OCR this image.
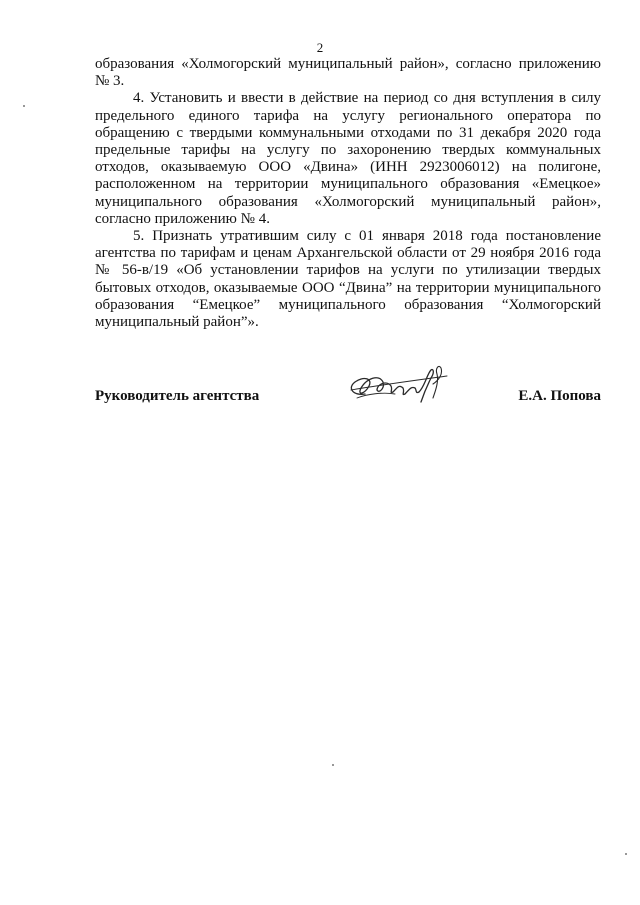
2

образования «Холмогорский муниципальный район», согласно приложению № 3.

4. Установить и ввести в действие на период со дня вступления в силу предельного единого тарифа на услугу регионального оператора по обращению с твердыми коммунальными отходами по 31 декабря 2020 года предельные тарифы на услугу по захоронению твердых коммунальных отходов, оказываемую ООО «Двина» (ИНН 2923006012) на полигоне, расположенном на территории муниципального образования «Емецкое» муниципального образования «Холмогорский муниципальный район», согласно приложению № 4.

5. Признать утратившим силу с 01 января 2018 года постановление агентства по тарифам и ценам Архангельской области от 29 ноября 2016 года № 56-в/19 «Об установлении тарифов на услуги по утилизации твердых бытовых отходов, оказываемые ООО “Двина” на территории муниципального образования “Емецкое” муниципального образования “Холмогорский муниципальный район”».

Руководитель агентства	Е.А. Попова
